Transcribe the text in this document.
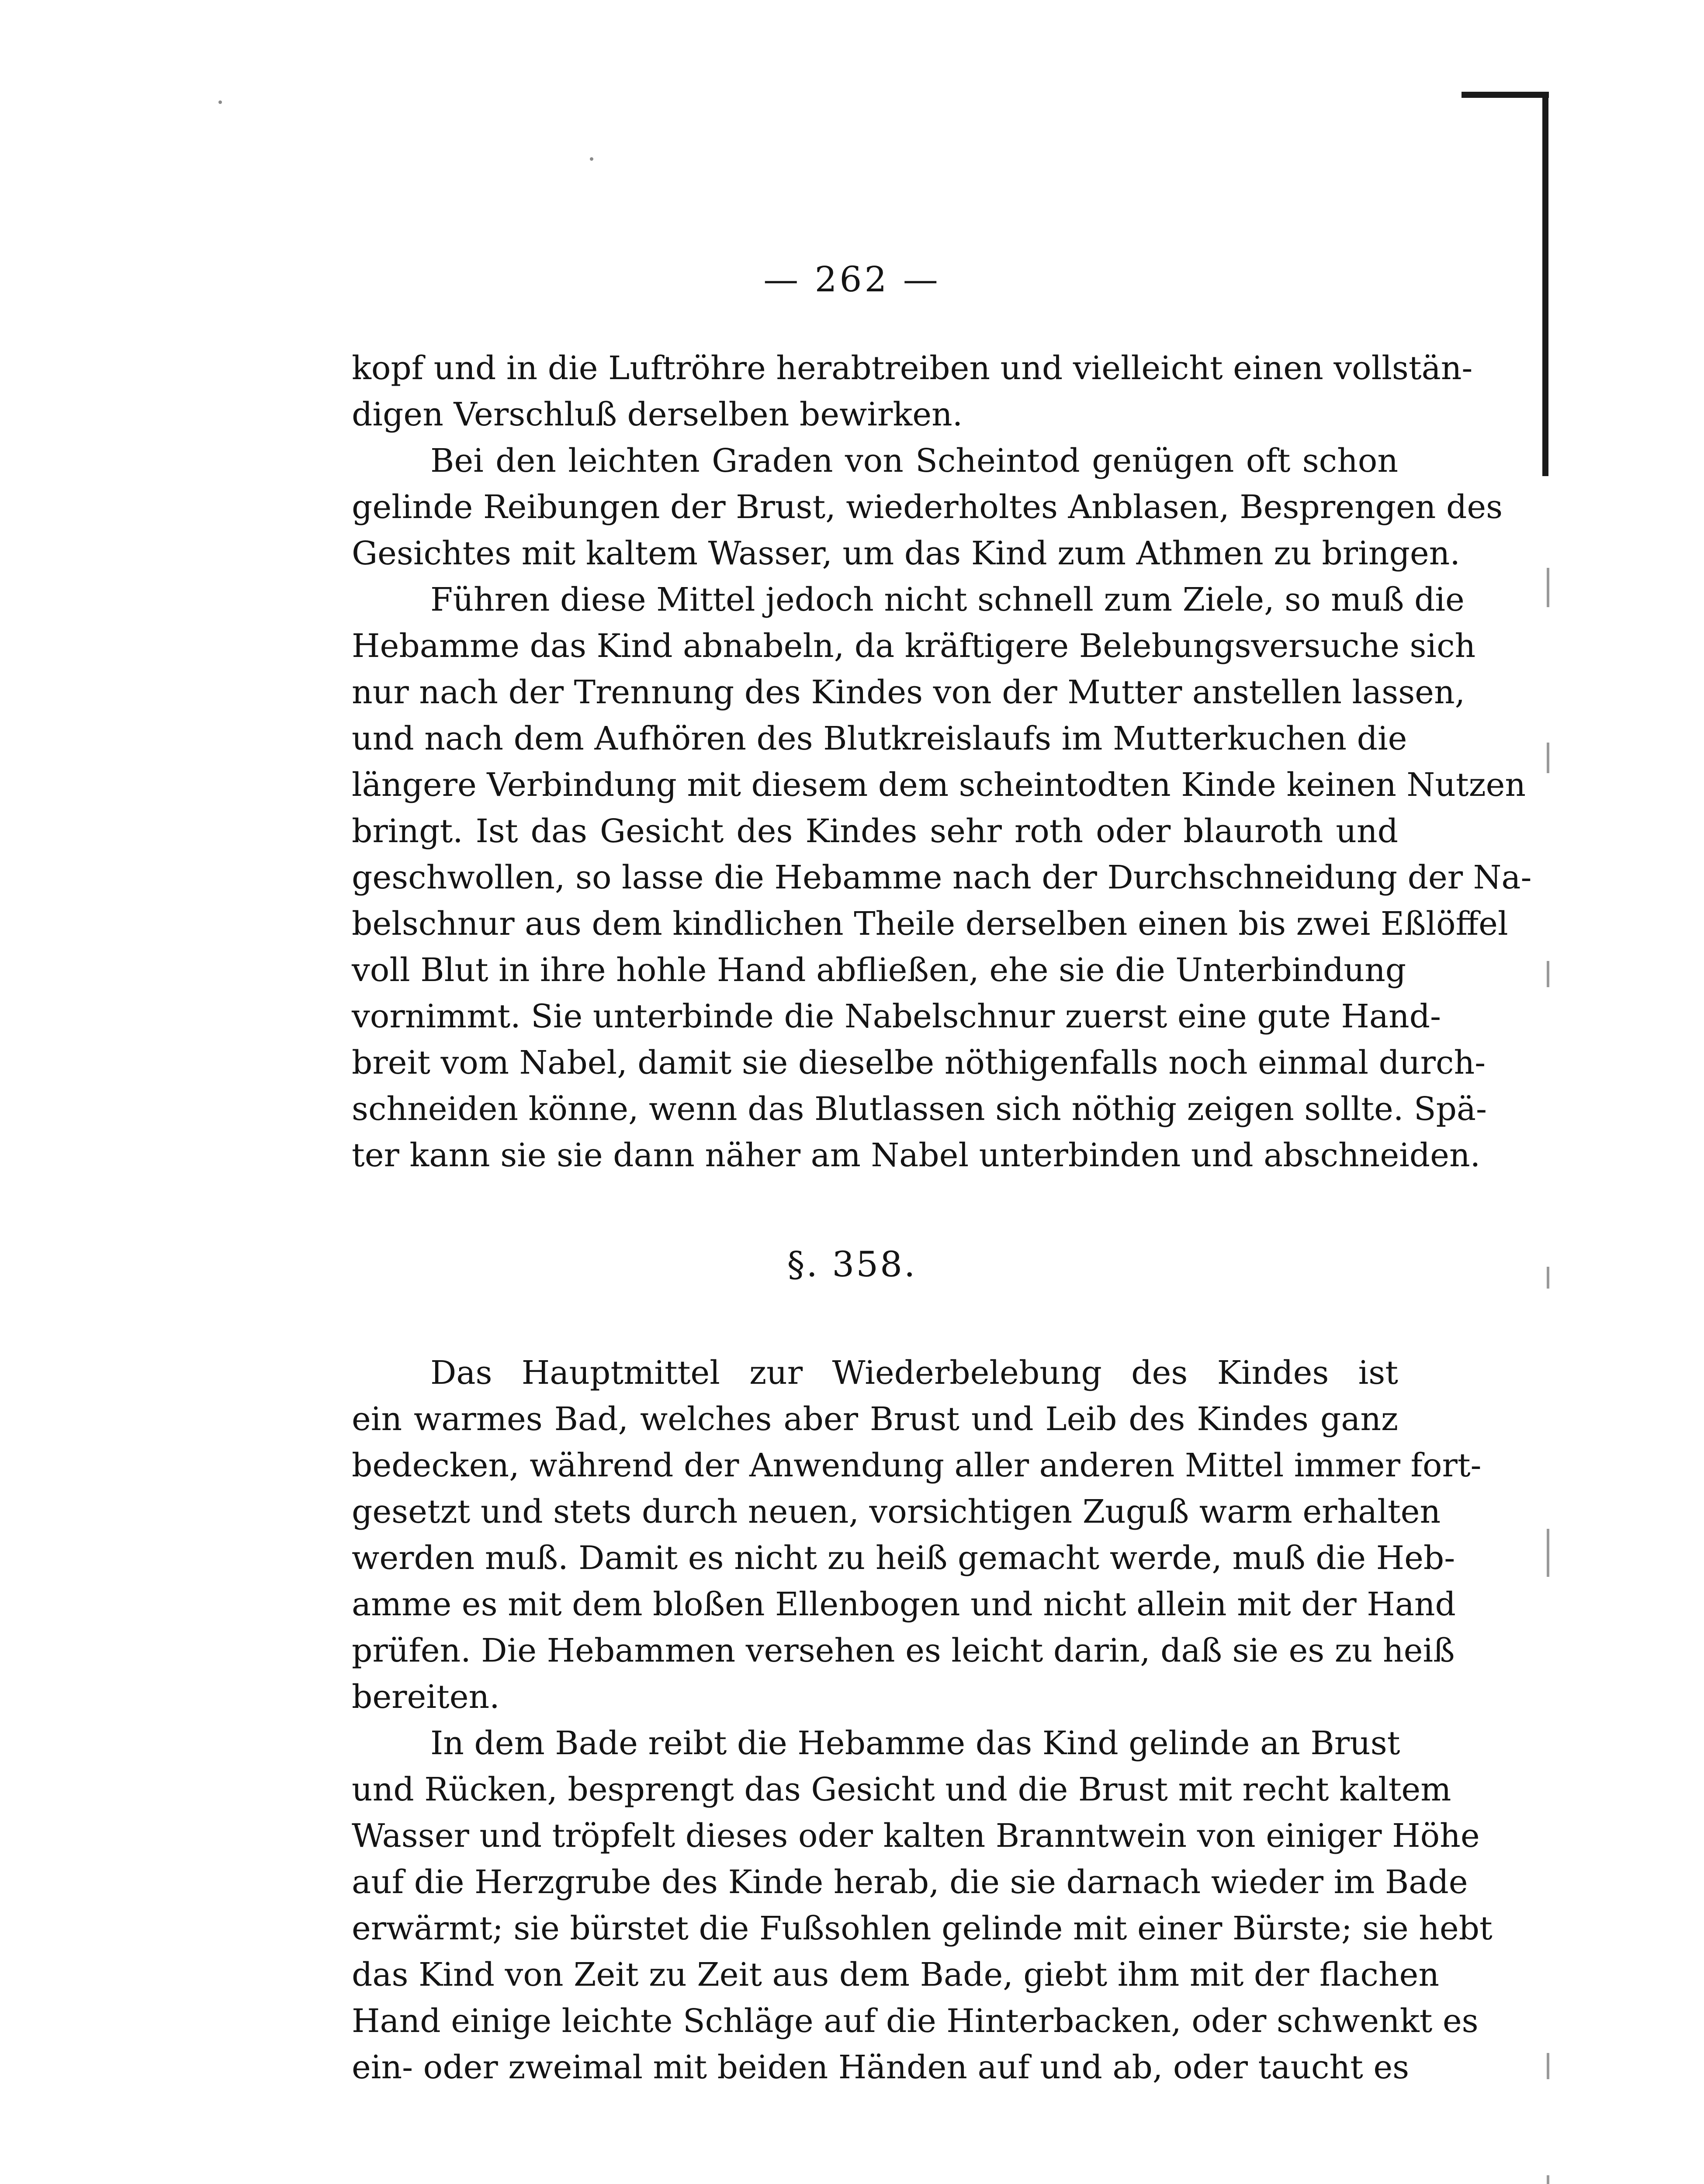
— 262 —
kopf und in die Luftröhre herabtreiben und vielleicht einen vollstän-
digen Verschluß derselben bewirken.
Bei den leichten Graden von Scheintod genügen oft schon
gelinde Reibungen der Brust, wiederholtes Anblasen, Besprengen des
Gesichtes mit kaltem Wasser, um das Kind zum Athmen zu bringen.
Führen diese Mittel jedoch nicht schnell zum Ziele, so muß die
Hebamme das Kind abnabeln, da kräftigere Belebungsversuche sich
nur nach der Trennung des Kindes von der Mutter anstellen lassen,
und nach dem Aufhören des Blutkreislaufs im Mutterkuchen die
längere Verbindung mit diesem dem scheintodten Kinde keinen Nutzen
bringt. Ist das Gesicht des Kindes sehr roth oder blauroth und
geschwollen, so lasse die Hebamme nach der Durchschneidung der Na-
belschnur aus dem kindlichen Theile derselben einen bis zwei Eßlöffel
voll Blut in ihre hohle Hand abfließen, ehe sie die Unterbindung
vornimmt. Sie unterbinde die Nabelschnur zuerst eine gute Hand-
breit vom Nabel, damit sie dieselbe nöthigenfalls noch einmal durch-
schneiden könne, wenn das Blutlassen sich nöthig zeigen sollte. Spä-
ter kann sie sie dann näher am Nabel unterbinden und abschneiden.
§. 358.
Das Hauptmittel zur Wiederbelebung des Kindes ist
ein warmes Bad, welches aber Brust und Leib des Kindes ganz
bedecken, während der Anwendung aller anderen Mittel immer fort-
gesetzt und stets durch neuen, vorsichtigen Zuguß warm erhalten
werden muß. Damit es nicht zu heiß gemacht werde, muß die Heb-
amme es mit dem bloßen Ellenbogen und nicht allein mit der Hand
prüfen. Die Hebammen versehen es leicht darin, daß sie es zu heiß
bereiten.
In dem Bade reibt die Hebamme das Kind gelinde an Brust
und Rücken, besprengt das Gesicht und die Brust mit recht kaltem
Wasser und tröpfelt dieses oder kalten Branntwein von einiger Höhe
auf die Herzgrube des Kinde herab, die sie darnach wieder im Bade
erwärmt; sie bürstet die Fußsohlen gelinde mit einer Bürste; sie hebt
das Kind von Zeit zu Zeit aus dem Bade, giebt ihm mit der flachen
Hand einige leichte Schläge auf die Hinterbacken, oder schwenkt es
ein- oder zweimal mit beiden Händen auf und ab, oder taucht es
